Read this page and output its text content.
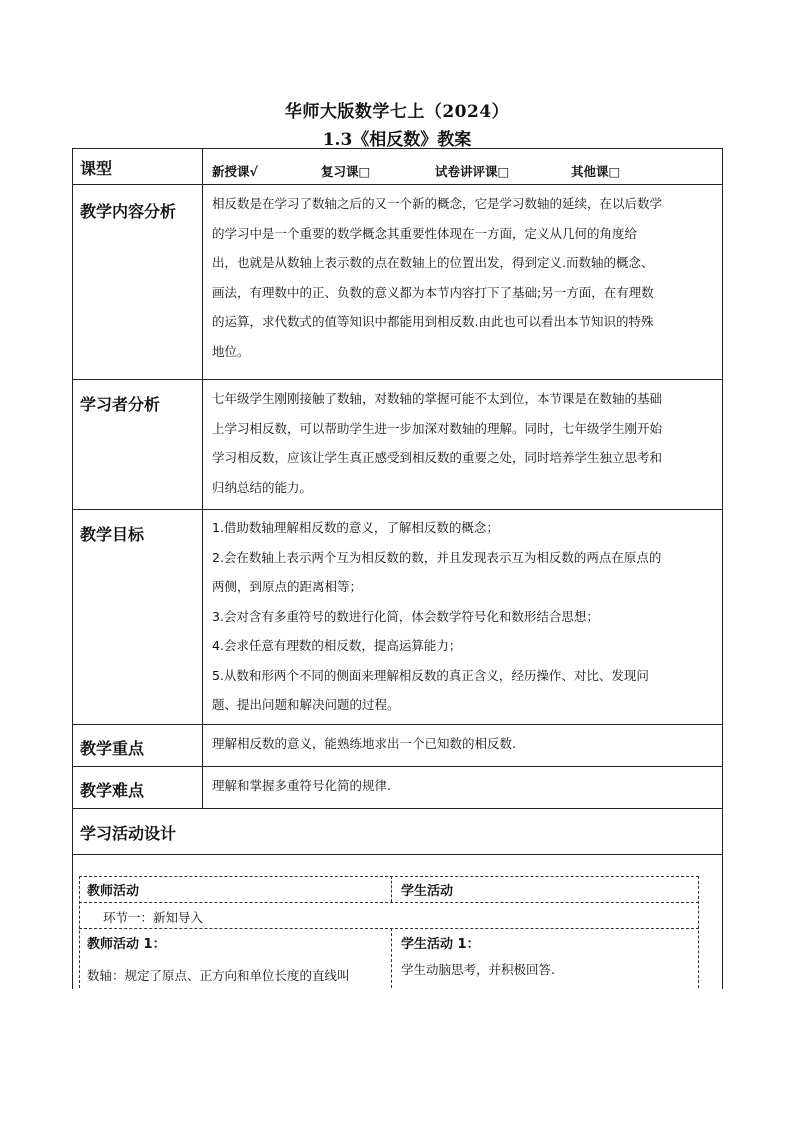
华师大版数学七上（2024）
1.3《相反数》教案
课型	新授课√	复习课□	试卷讲评课□	其他课□
教学内容分析	相反数是在学习了数轴之后的又一个新的概念，它是学习数轴的延续，在以后数学

的学习中是一个重要的数学概念其重要性体现在一方面，定义从几何的角度给

出，也就是从数轴上表示数的点在数轴上的位置出发，得到定义.而数轴的概念、

画法，有理数中的正、负数的意义都为本节内容打下了基础;另一方面，在有理数

的运算，求代数式的值等知识中都能用到相反数.由此也可以看出本节知识的特殊

地位。

学习者分析	七年级学生刚刚接触了数轴，对数轴的掌握可能不太到位，本节课是在数轴的基础

上学习相反数，可以帮助学生进一步加深对数轴的理解。同时，七年级学生刚开始

学习相反数，应该让学生真正感受到相反数的重要之处，同时培养学生独立思考和

归纳总结的能力。

教学目标	1.借助数轴理解相反数的意义，了解相反数的概念；

2.会在数轴上表示两个互为相反数的数，并且发现表示互为相反数的两点在原点的

两侧，到原点的距离相等；

3.会对含有多重符号的数进行化简，体会数学符号化和数形结合思想；

4.会求任意有理数的相反数，提高运算能力；

5.从数和形两个不同的侧面来理解相反数的真正含义，经历操作、对比、发现问

题、提出问题和解决问题的过程。

教学重点	理解相反数的意义，能熟练地求出一个已知数的相反数.

教学难点	理解和掌握多重符号化简的规律.

学习活动设计
教师活动	学生活动
环节一：新知导入
教师活动 1：	学生活动 1：
数轴：规定了原点、正方向和单位长度的直线叫	学生动脑思考，并积极回答.
